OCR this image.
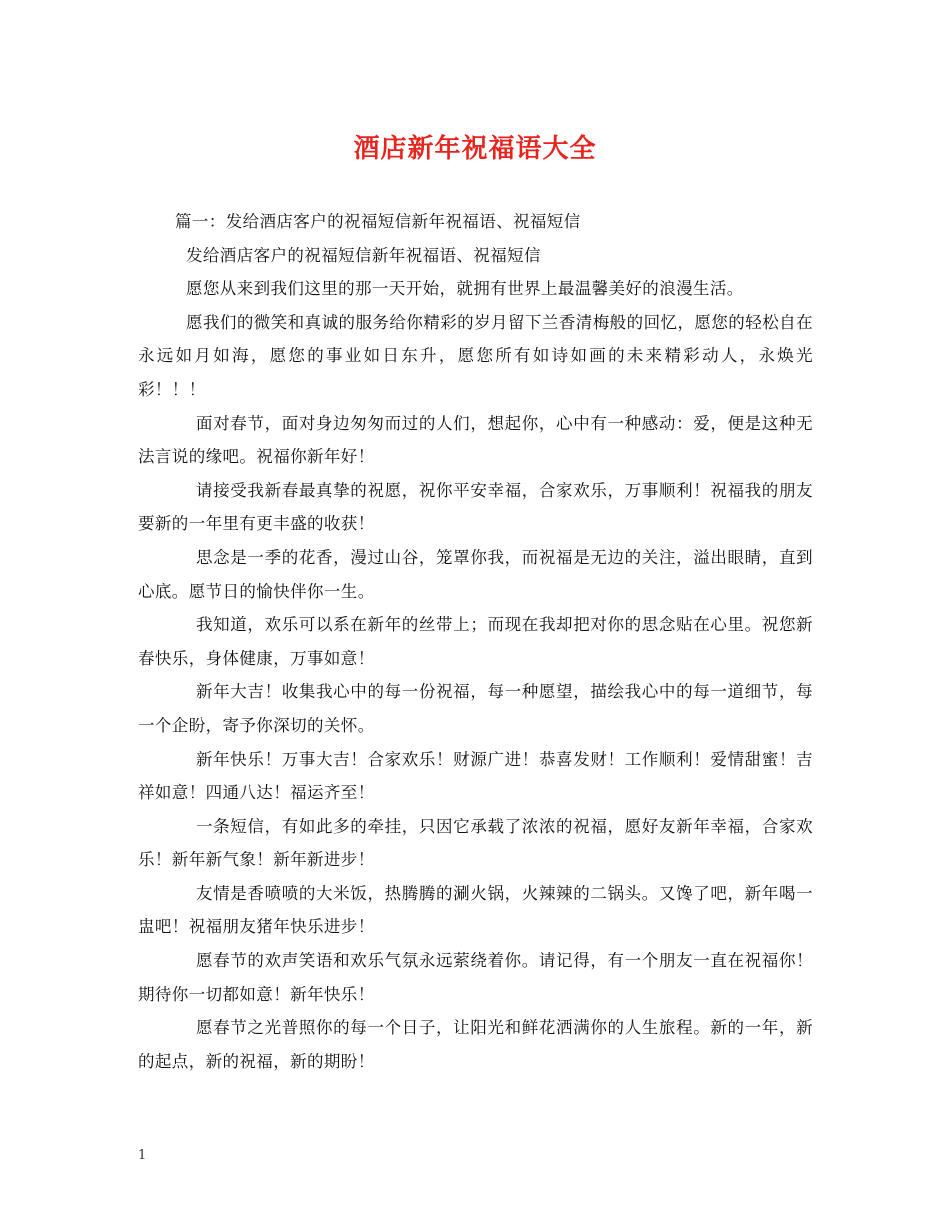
酒店新年祝福语大全

篇一：发给酒店客户的祝福短信新年祝福语、祝福短信

发给酒店客户的祝福短信新年祝福语、祝福短信

愿您从来到我们这里的那一天开始，就拥有世界上最温馨美好的浪漫生活。

愿我们的微笑和真诚的服务给你精彩的岁月留下兰香清梅般的回忆，愿您的轻松自在永远如月如海，愿您的事业如日东升，愿您所有如诗如画的未来精彩动人，永焕光彩！！！

面对春节，面对身边匆匆而过的人们，想起你，心中有一种感动：爱，便是这种无法言说的缘吧。祝福你新年好！

请接受我新春最真挚的祝愿，祝你平安幸福，合家欢乐，万事顺利！祝福我的朋友要新的一年里有更丰盛的收获！

思念是一季的花香，漫过山谷，笼罩你我，而祝福是无边的关注，溢出眼睛，直到心底。愿节日的愉快伴你一生。

我知道，欢乐可以系在新年的丝带上；而现在我却把对你的思念贴在心里。祝您新春快乐，身体健康，万事如意！

新年大吉！收集我心中的每一份祝福，每一种愿望，描绘我心中的每一道细节，每一个企盼，寄予你深切的关怀。

新年快乐！万事大吉！合家欢乐！财源广进！恭喜发财！工作顺利！爱情甜蜜！吉祥如意！四通八达！福运齐至！

一条短信，有如此多的牵挂，只因它承载了浓浓的祝福，愿好友新年幸福，合家欢乐！新年新气象！新年新进步！

友情是香喷喷的大米饭，热腾腾的涮火锅，火辣辣的二锅头。又馋了吧，新年喝一盅吧！祝福朋友猪年快乐进步！

愿春节的欢声笑语和欢乐气氛永远萦绕着你。请记得，有一个朋友一直在祝福你！期待你一切都如意！新年快乐！

愿春节之光普照你的每一个日子，让阳光和鲜花洒满你的人生旅程。新的一年，新的起点，新的祝福，新的期盼！

1
